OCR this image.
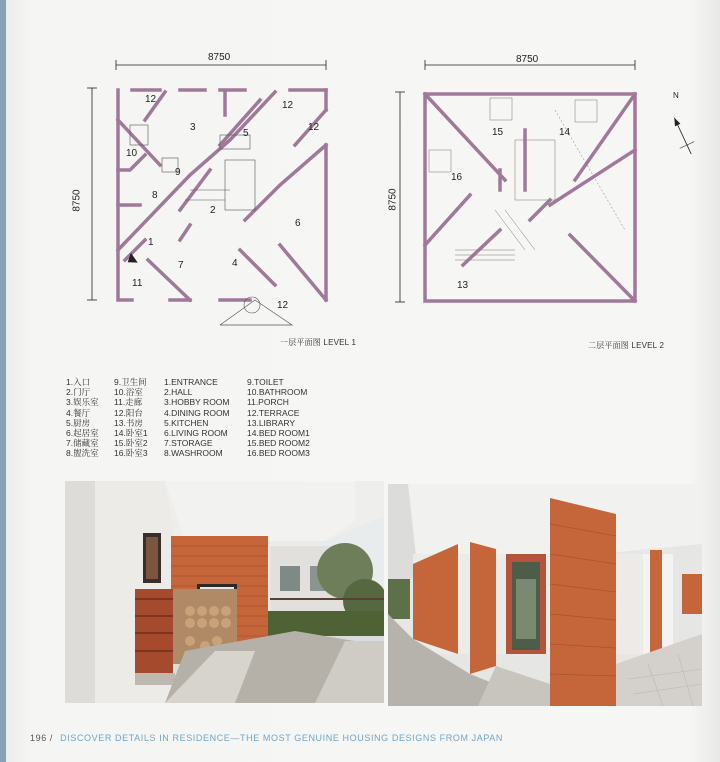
12
3
12
5
12
10
9
8
2
6
1
7	4
11
12
8750
8750
一层平面图 LEVEL 1
15	14
16
13
N
8750
8750
二层平面图 LEVEL 2
1.入口
2.门厅
3.娱乐室
4.餐厅
5.厨房
6.起居室
7.储藏室
8.盥洗室
9.卫生间
10.浴室
11.走廊
12.阳台
13.书房
14.卧室1
15.卧室2
16.卧室3
1.ENTRANCE
2.HALL
3.HOBBY ROOM
4.DINING ROOM
5.KITCHEN
6.LIVING ROOM
7.STORAGE
8.WASHROOM
9.TOILET
10.BATHROOM
11.PORCH
12.TERRACE
13.LIBRARY
14.BED ROOM1
15.BED ROOM2
16.BED ROOM3
196 / DISCOVER DETAILS IN RESIDENCE—THE MOST GENUINE HOUSING DESIGNS FROM JAPAN
